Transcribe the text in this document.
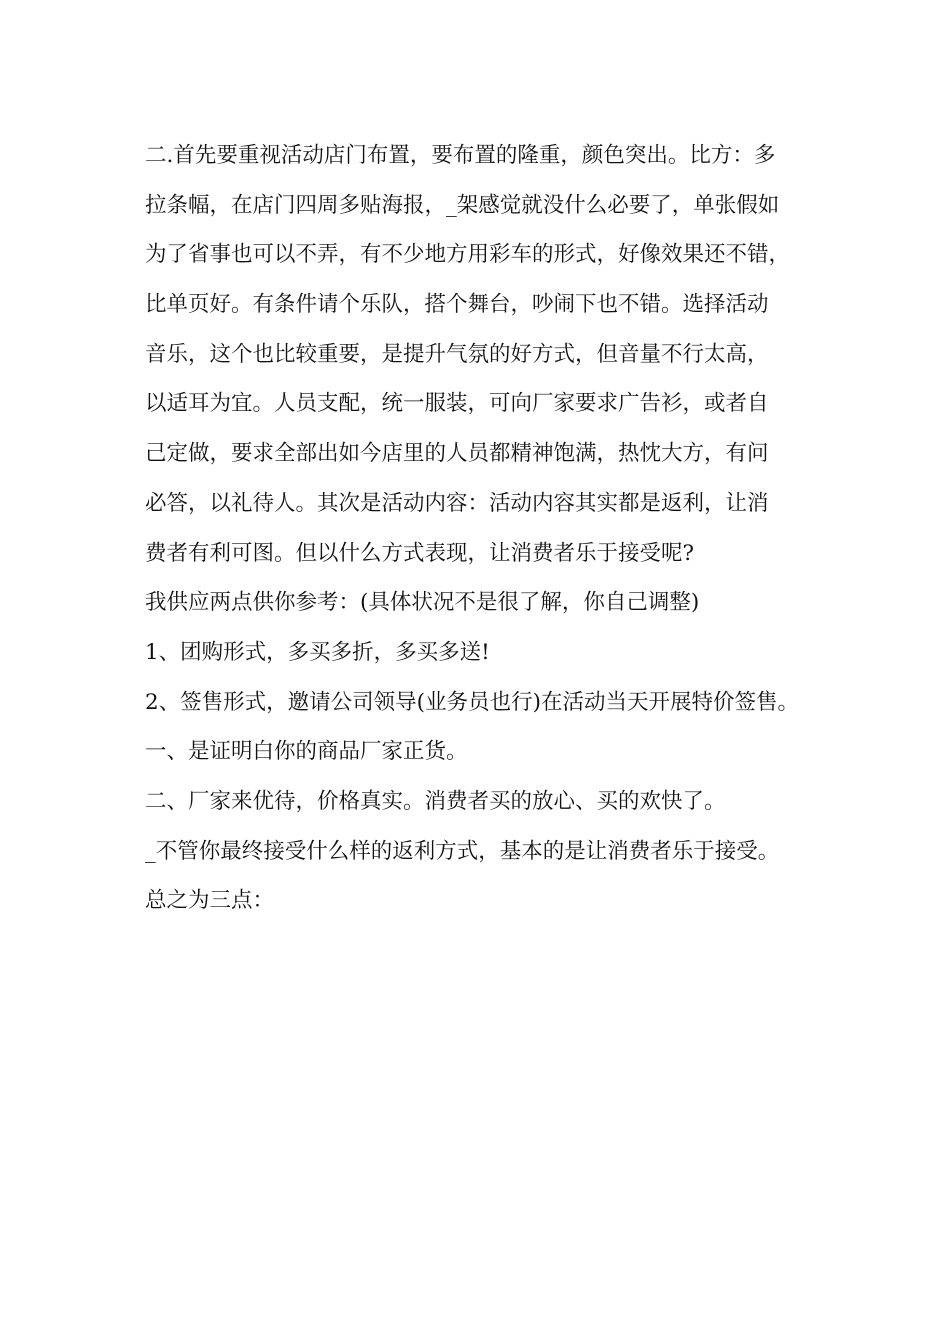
二.首先要重视活动店门布置，要布置的隆重，颜色突出。比方：多
拉条幅，在店门四周多贴海报，_架感觉就没什么必要了，单张假如
为了省事也可以不弄，有不少地方用彩车的形式，好像效果还不错，
比单页好。有条件请个乐队，搭个舞台，吵闹下也不错。选择活动
音乐，这个也比较重要，是提升气氛的好方式，但音量不行太高，
以适耳为宜。人员支配，统一服装，可向厂家要求广告衫，或者自
己定做，要求全部出如今店里的人员都精神饱满，热忱大方，有问
必答，以礼待人。其次是活动内容：活动内容其实都是返利，让消
费者有利可图。但以什么方式表现，让消费者乐于接受呢?
我供应两点供你参考：(具体状况不是很了解，你自己调整)
1、团购形式，多买多折，多买多送!
2、签售形式，邀请公司领导(业务员也行)在活动当天开展特价签售。
一、是证明白你的商品厂家正货。
二、厂家来优待，价格真实。消费者买的放心、买的欢快了。
_不管你最终接受什么样的返利方式，基本的是让消费者乐于接受。
总之为三点：
